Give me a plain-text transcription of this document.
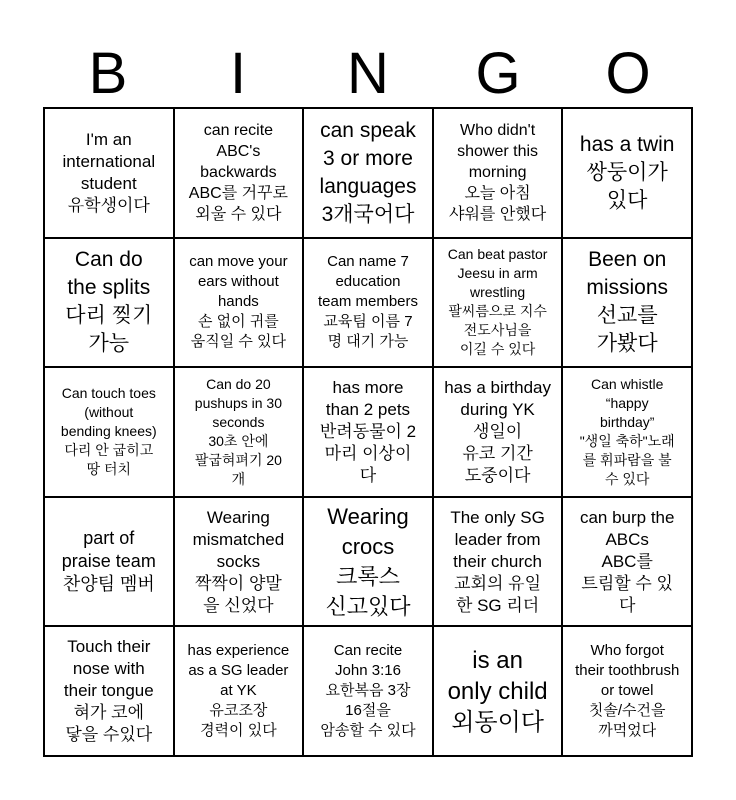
B	I	N	G	O
I'm an
international
student
유학생이다
can recite
ABC's
backwards
ABC를 거꾸로
외울 수 있다
can speak
3 or more
languages
3개국어다
Who didn't
shower this
morning
오늘 아침
샤워를 안했다
has a twin
쌍둥이가
있다
Can do
the splits
다리 찢기
가능
can move your
ears without
hands
손 없이 귀를
움직일 수 있다
Can name 7
education
team members
교육팀 이름 7
명 대기 가능
Can beat pastor
Jeesu in arm
wrestling
팔씨름으로 지수
전도사님을
이길 수 있다
Been on
missions
선교를
가봤다
Can touch toes
(without
bending knees)
다리 안 굽히고
땅 터치
Can do 20
pushups in 30
seconds
30초 안에
팔굽혀펴기 20
개
has more
than 2 pets
반려동물이 2
마리 이상이
다
has a birthday
during YK
생일이
유코 기간
도중이다
Can whistle
“happy
birthday”
"생일 축하"노래
를 휘파람을 불
수 있다
part of
praise team
찬양팀 멤버
Wearing
mismatched
socks
짝짝이 양말
을 신었다
Wearing
crocs
크록스
신고있다
The only SG
leader from
their church
교회의 유일
한 SG 리더
can burp the
ABCs
ABC를
트림할 수 있
다
Touch their
nose with
their tongue
혀가 코에
닿을 수있다
has experience
as a SG leader
at YK
유코조장
경력이 있다
Can recite
John 3:16
요한복음 3장
16절을
암송할 수 있다
is an
only child
외동이다
Who forgot
their toothbrush
or towel
칫솔/수건을
까먹었다
